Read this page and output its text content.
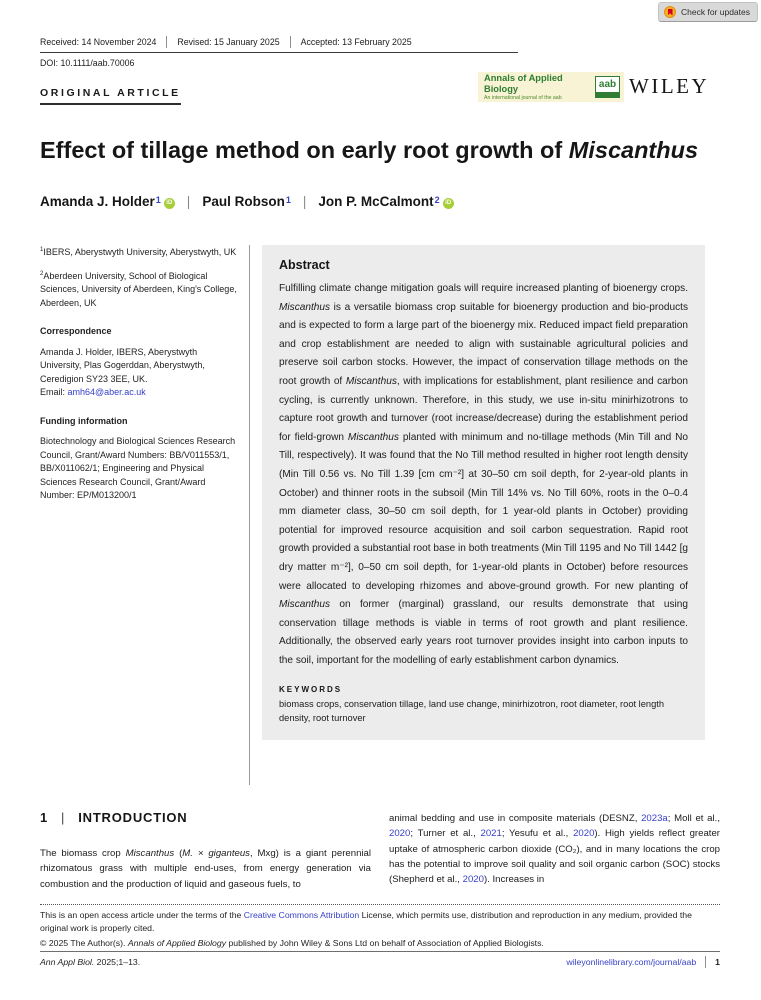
Check for updates
Received: 14 November 2024	Revised: 15 January 2025	Accepted: 13 February 2025
DOI: 10.1111/aab.70006
ORIGINAL ARTICLE
Annals of Applied Biology
An international journal of the aab
aab WILEY
Effect of tillage method on early root growth of Miscanthus
Amanda J. Holder$^1$ iD	| Paul Robson$^1$ | Jon P. McCalmont$^2$ iD

$^1$IBERS, Aberystwyth University, Aberystwyth, UK

$^2$Aberdeen University, School of Biological Sciences, University of Aberdeen, King's College, Aberdeen, UK

Correspondence

Amanda J. Holder, IBERS, Aberystwyth University, Plas Gogerddan, Aberystwyth, Ceredigion SY23 3EE, UK.

Email: amh64@aber.ac.uk

Funding information

Biotechnology and Biological Sciences Research Council, Grant/Award Numbers: BB/V011553/1, BB/X011062/1; Engineering and Physical Sciences Research Council, Grant/Award Number: EP/M013200/1

Abstract

Fulfilling climate change mitigation goals will require increased planting of bioenergy crops. Miscanthus is a versatile biomass crop suitable for bioenergy production and bio-products and is expected to form a large part of the bioenergy mix. Reduced impact field preparation and crop establishment are needed to align with sustainable agricultural policies and preserve soil carbon stocks. However, the impact of conservation tillage methods on the root growth of Miscanthus, with implications for establishment, plant resilience and carbon cycling, is currently unknown. Therefore, in this study, we use in-situ minirhizotrons to capture root growth and turnover (root increase/decrease) during the establishment period for field-grown Miscanthus planted with minimum and no-tillage methods (Min Till and No Till, respectively). It was found that the No Till method resulted in higher root length density (Min Till 0.56 vs. No Till 1.39 [cm cm⁻²] at 30–50 cm soil depth, for 2-year-old plants in October) and thinner roots in the subsoil (Min Till 14% vs. No Till 60%, roots in the 0–0.4 mm diameter class, 30–50 cm soil depth, for 1 year-old plants in October) providing potential for improved resource acquisition and soil carbon sequestration. Rapid root growth provided a substantial root base in both treatments (Min Till 1195 and No Till 1442 [g dry matter m⁻²], 0–50 cm soil depth, for 1-year-old plants in October) before resources were allocated to developing rhizomes and above-ground growth. For new planting of Miscanthus on former (marginal) grassland, our results demonstrate that using conservation tillage methods is viable in terms of root growth and plant resilience. Additionally, the observed early years root turnover provides insight into carbon inputs to the soil, important for the modelling of early establishment carbon dynamics.

KEYWORDS
biomass crops, conservation tillage, land use change, minirhizotron, root diameter, root length density, root turnover
1	|	INTRODUCTION

The biomass crop Miscanthus (M. × giganteus, Mxg) is a giant perennial rhizomatous grass with multiple end-uses, from energy generation via combustion and the production of liquid and gaseous fuels, to

animal bedding and use in composite materials (DESNZ, 2023a; Moll et al., 2020; Turner et al., 2021; Yesufu et al., 2020). High yields reflect greater uptake of atmospheric carbon dioxide (CO₂), and in many locations the crop has the potential to improve soil quality and soil organic carbon (SOC) stocks (Shepherd et al., 2020). Increases in

This is an open access article under the terms of the Creative Commons Attribution License, which permits use, distribution and reproduction in any medium, provided the original work is properly cited.

© 2025 The Author(s). Annals of Applied Biology published by John Wiley & Sons Ltd on behalf of Association of Applied Biologists.

Ann Appl Biol. 2025;1–13.	wileyonlinelibrary.com/journal/aab 1
